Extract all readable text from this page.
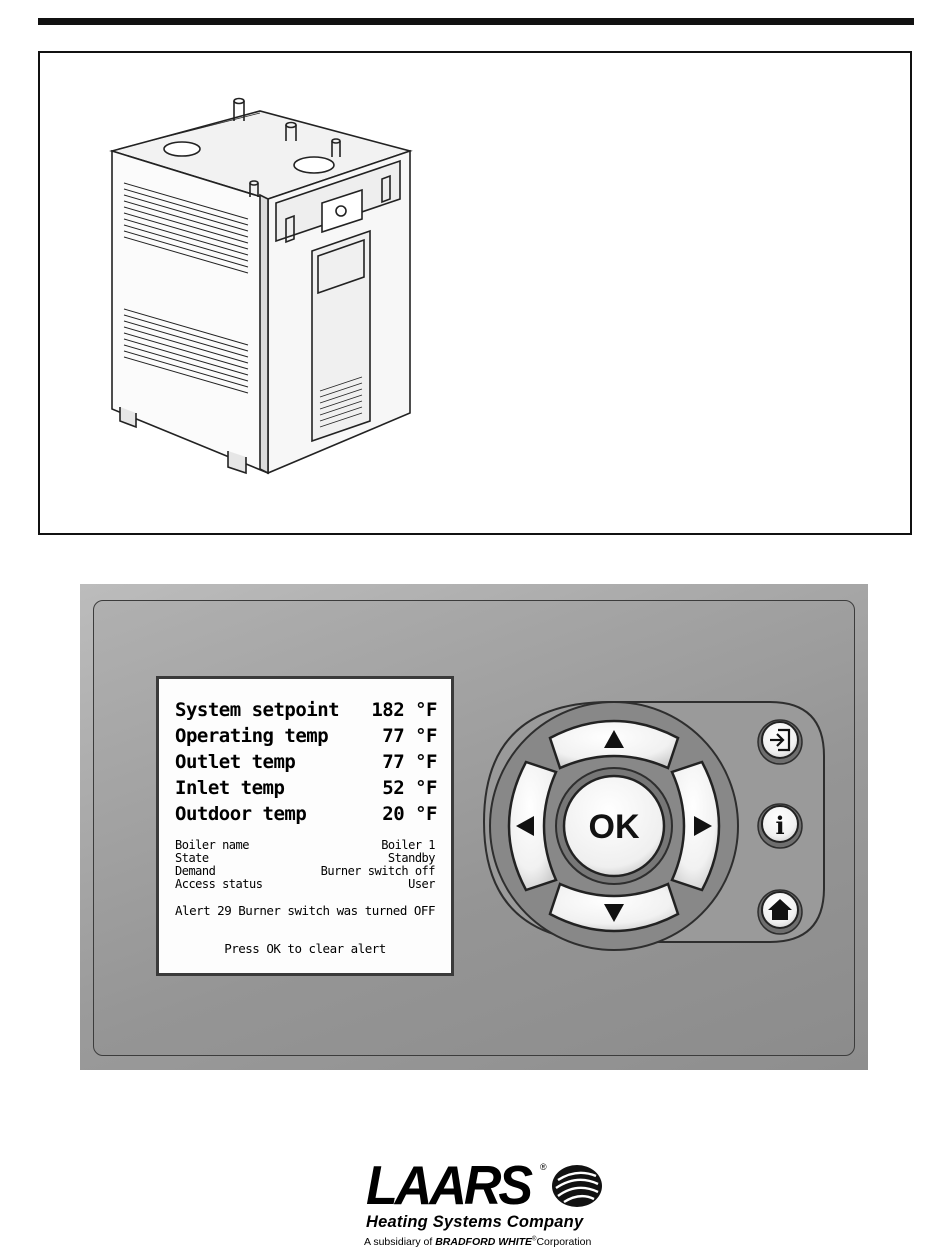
System setpoint 182 °F
Operating temp	77 °F
Outlet temp	77 °F
Inlet temp	52 °F
Outdoor temp	20 °F
Boiler name	Boiler 1
State	Standby
Demand	Burner switch off
Access status	User
Alert 29 Burner switch was turned OFF
Press OK to clear alert
OK	i
LAARS ®
Heating Systems Company
A subsidiary of BRADFORD WHITE®Corporation
